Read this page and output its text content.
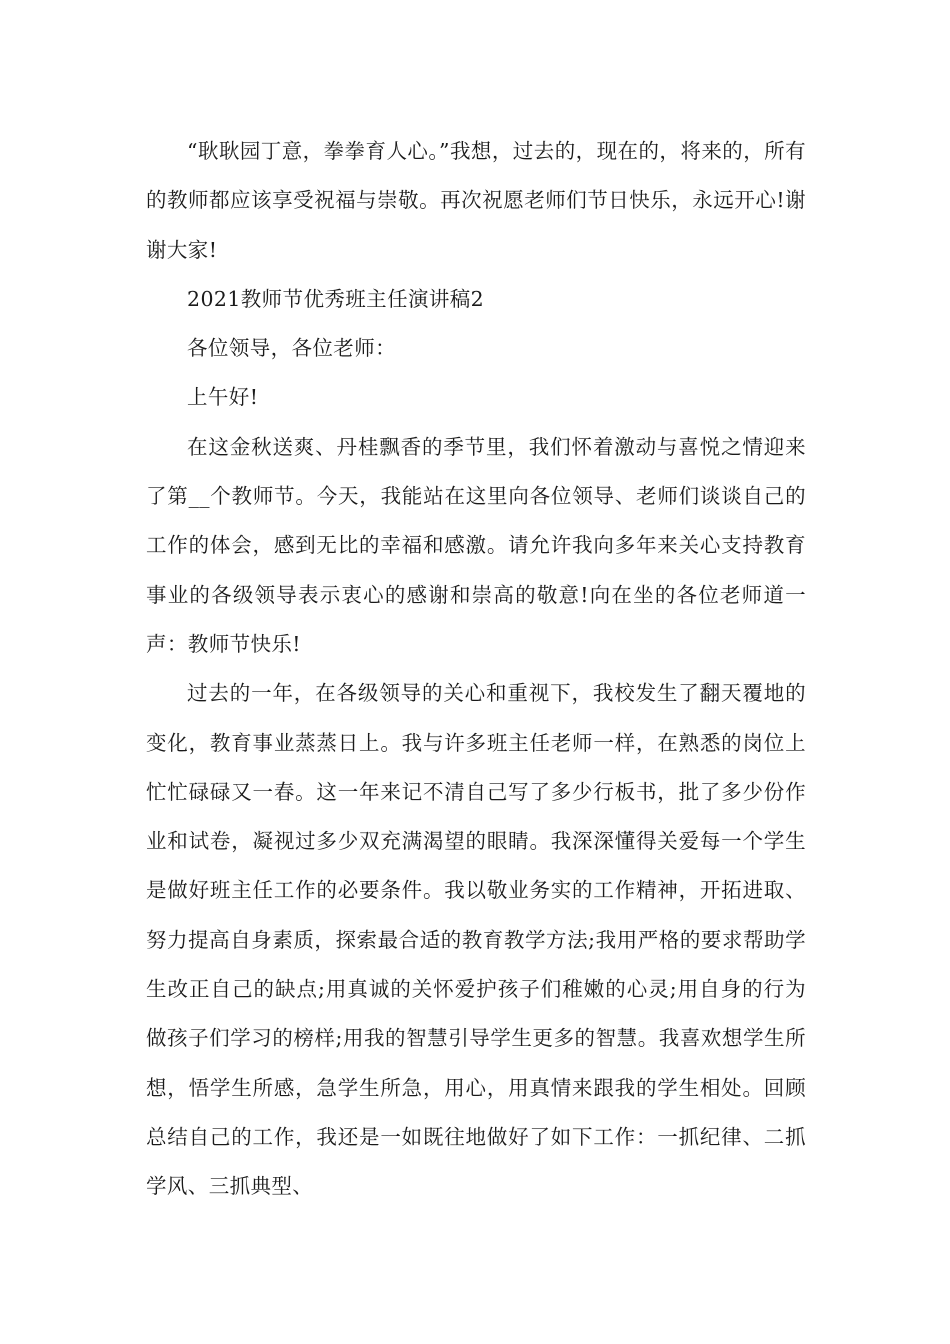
“耿耿园丁意，拳拳育人心。”我想，过去的，现在的，将来的，所有的教师都应该享受祝福与崇敬。再次祝愿老师们节日快乐，永远开心!谢谢大家!

2021教师节优秀班主任演讲稿2

各位领导，各位老师：

上午好!

在这金秋送爽、丹桂飘香的季节里，我们怀着激动与喜悦之情迎来了第__个教师节。今天，我能站在这里向各位领导、老师们谈谈自己的工作的体会，感到无比的幸福和感激。请允许我向多年来关心支持教育事业的各级领导表示衷心的感谢和崇高的敬意!向在坐的各位老师道一声：教师节快乐!

过去的一年，在各级领导的关心和重视下，我校发生了翻天覆地的变化，教育事业蒸蒸日上。我与许多班主任老师一样，在熟悉的岗位上忙忙碌碌又一春。这一年来记不清自己写了多少行板书，批了多少份作业和试卷，凝视过多少双充满渴望的眼睛。我深深懂得关爱每一个学生是做好班主任工作的必要条件。我以敬业务实的工作精神，开拓进取、努力提高自身素质，探索最合适的教育教学方法;我用严格的要求帮助学生改正自己的缺点;用真诚的关怀爱护孩子们稚嫩的心灵;用自身的行为做孩子们学习的榜样;用我的智慧引导学生更多的智慧。我喜欢想学生所想，悟学生所感，急学生所急，用心，用真情来跟我的学生相处。回顾总结自己的工作，我还是一如既往地做好了如下工作：一抓纪律、二抓学风、三抓典型、
